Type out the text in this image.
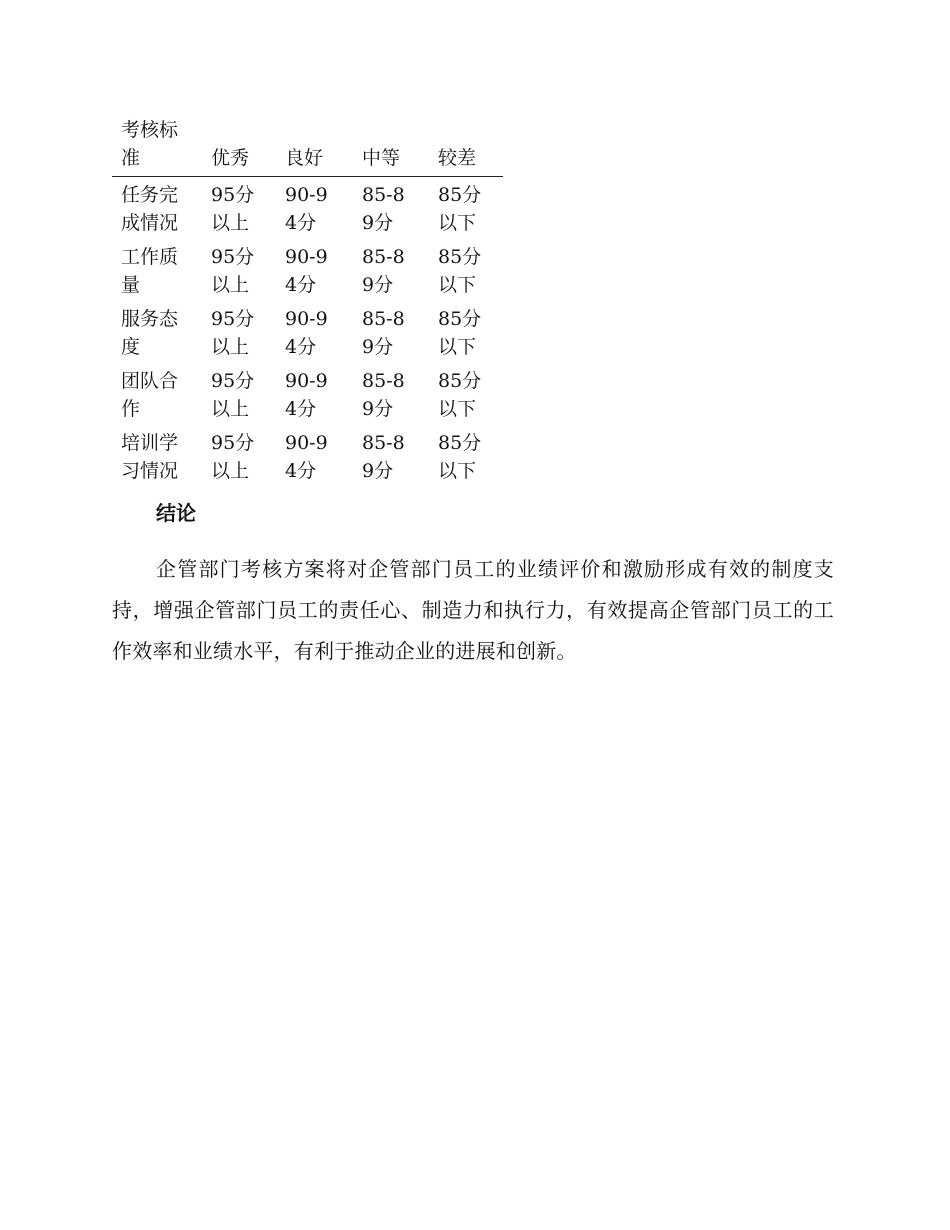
考核标准	优秀	良好	中等	较差

任务完成情况	95分以上	90-94分	85-89分	85分以下

工作质量	95分以上	90-94分	85-89分	85分以下

服务态度	95分以上	90-94分	85-89分	85分以下

团队合作	95分以上	90-94分	85-89分	85分以下

培训学习情况	95分以上	90-94分	85-89分	85分以下
结论

企管部门考核方案将对企管部门员工的业绩评价和激励形成有效的制度支持，增强企管部门员工的责任心、制造力和执行力，有效提高企管部门员工的工作效率和业绩水平，有利于推动企业的进展和创新。
